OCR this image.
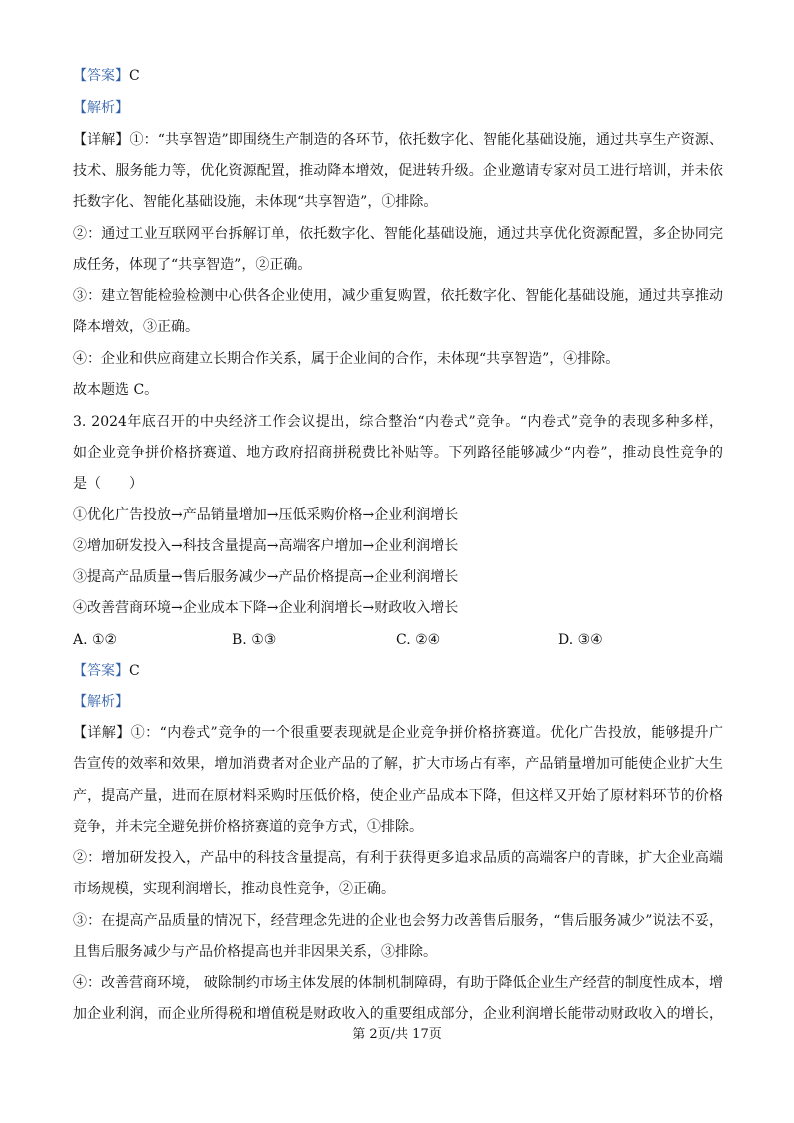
【答案】C
【解析】
【详解】①：“共享智造”即围绕生产制造的各环节，依托数字化、智能化基础设施，通过共享生产资源、
技术、服务能力等，优化资源配置，推动降本增效，促进转升级。企业邀请专家对员工进行培训，并未依
托数字化、智能化基础设施，未体现“共享智造”，①排除。
②：通过工业互联网平台拆解订单，依托数字化、智能化基础设施，通过共享优化资源配置，多企协同完
成任务，体现了“共享智造”，②正确。
③：建立智能检验检测中心供各企业使用，减少重复购置，依托数字化、智能化基础设施，通过共享推动
降本增效，③正确。
④：企业和供应商建立长期合作关系，属于企业间的合作，未体现“共享智造”，④排除。
故本题选 C。
3. 2024年底召开的中央经济工作会议提出，综合整治“内卷式”竞争。“内卷式”竞争的表现多种多样，
如企业竞争拼价格挤赛道、地方政府招商拼税费比补贴等。下列路径能够减少“内卷”，推动良性竞争的
是（　　）
①优化广告投放→产品销量增加→压低采购价格→企业利润增长
②增加研发投入→科技含量提高→高端客户增加→企业利润增长
③提高产品质量→售后服务减少→产品价格提高→企业利润增长
④改善营商环境→企业成本下降→企业利润增长→财政收入增长
A. ①②	B. ①③	C. ②④	D. ③④
【答案】C
【解析】
【详解】①：“内卷式”竞争的一个很重要表现就是企业竞争拼价格挤赛道。优化广告投放，能够提升广
告宣传的效率和效果，增加消费者对企业产品的了解，扩大市场占有率，产品销量增加可能使企业扩大生
产，提高产量，进而在原材料采购时压低价格，使企业产品成本下降，但这样又开始了原材料环节的价格
竞争，并未完全避免拼价格挤赛道的竞争方式，①排除。
②：增加研发投入，产品中的科技含量提高，有利于获得更多追求品质的高端客户的青睐，扩大企业高端
市场规模，实现利润增长，推动良性竞争，②正确。
③：在提高产品质量的情况下，经营理念先进的企业也会努力改善售后服务，“售后服务减少”说法不妥，
且售后服务减少与产品价格提高也并非因果关系，③排除。
④：改善营商环境， 破除制约市场主体发展的体制机制障碍，有助于降低企业生产经营的制度性成本，增
加企业利润，而企业所得税和增值税是财政收入的重要组成部分，企业利润增长能带动财政收入的增长，
第 2页/共 17页
